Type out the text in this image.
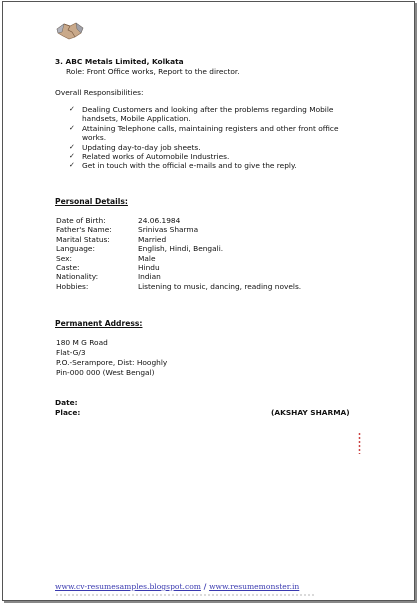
3. ABC Metals Limited, Kolkata
Role: Front Office works, Report to the director.
Overall Responsibilities:
✓ Dealing Customers and looking after the problems regarding Mobile
handsets, Mobile Application.
✓ Attaining Telephone calls, maintaining registers and other front office
works.
✓ Updating day-to-day job sheets.
✓ Related works of Automobile Industries.
✓ Get in touch with the official e-mails and to give the reply.
Personal Details:
Date of Birth:	24.06.1984
Father's Name:	Srinivas Sharma
Marital Status:	Married
Language:	English, Hindi, Bengali.
Sex:	Male
Caste:	Hindu
Nationality:	Indian
Hobbies:	Listening to music, dancing, reading novels.
Permanent Address:
180 M G Road
Flat-G/3
P.O.-Serampore, Dist: Hooghly
Pin-000 000 (West Bengal)
Date:
Place:	(AKSHAY SHARMA)
www.cv-resumesamples.blogspot.com / www.resumemonster.in
